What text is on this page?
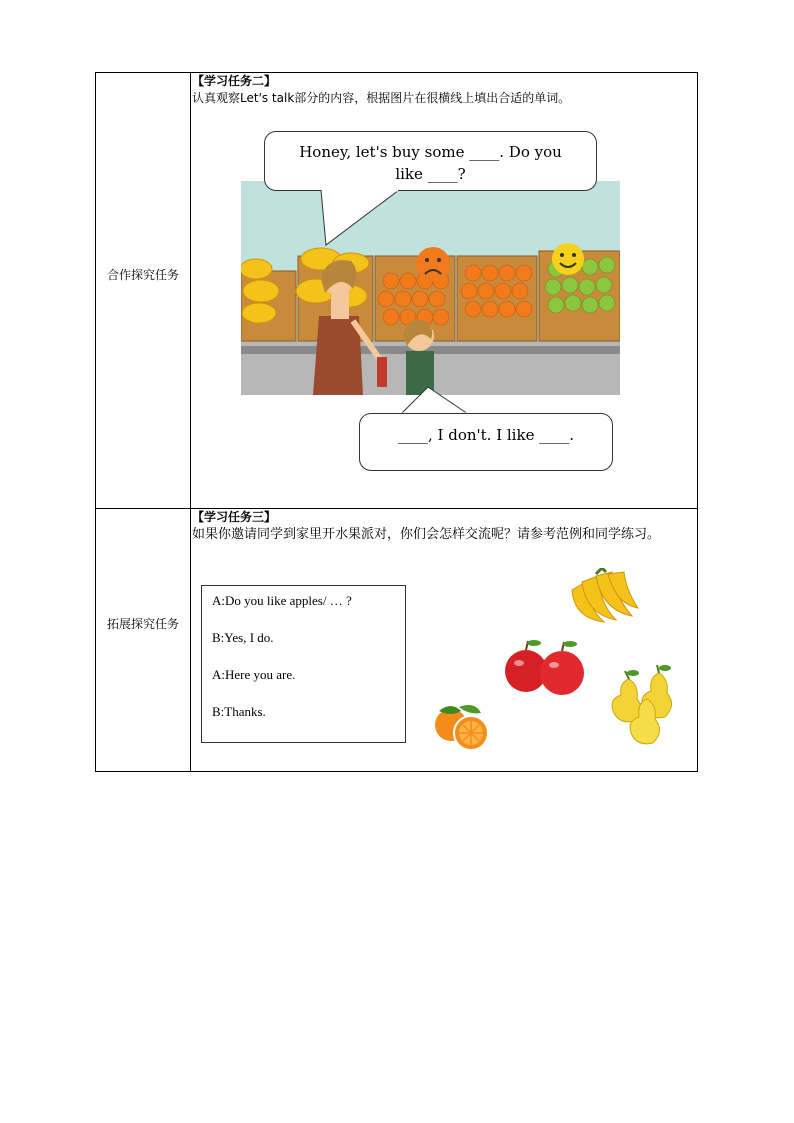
合作探究任务
【学习任务二】
认真观察Let's talk部分的内容，根据图片在很横线上填出合适的单词。
Honey, let's buy some ____. Do you like ____?
____, I don't. I like ____.
拓展探究任务
【学习任务三】
如果你邀请同学到家里开水果派对，你们会怎样交流呢？请参考范例和同学练习。
A:Do you like apples/ … ?
B:Yes, I do.
A:Here you are.
B:Thanks.
